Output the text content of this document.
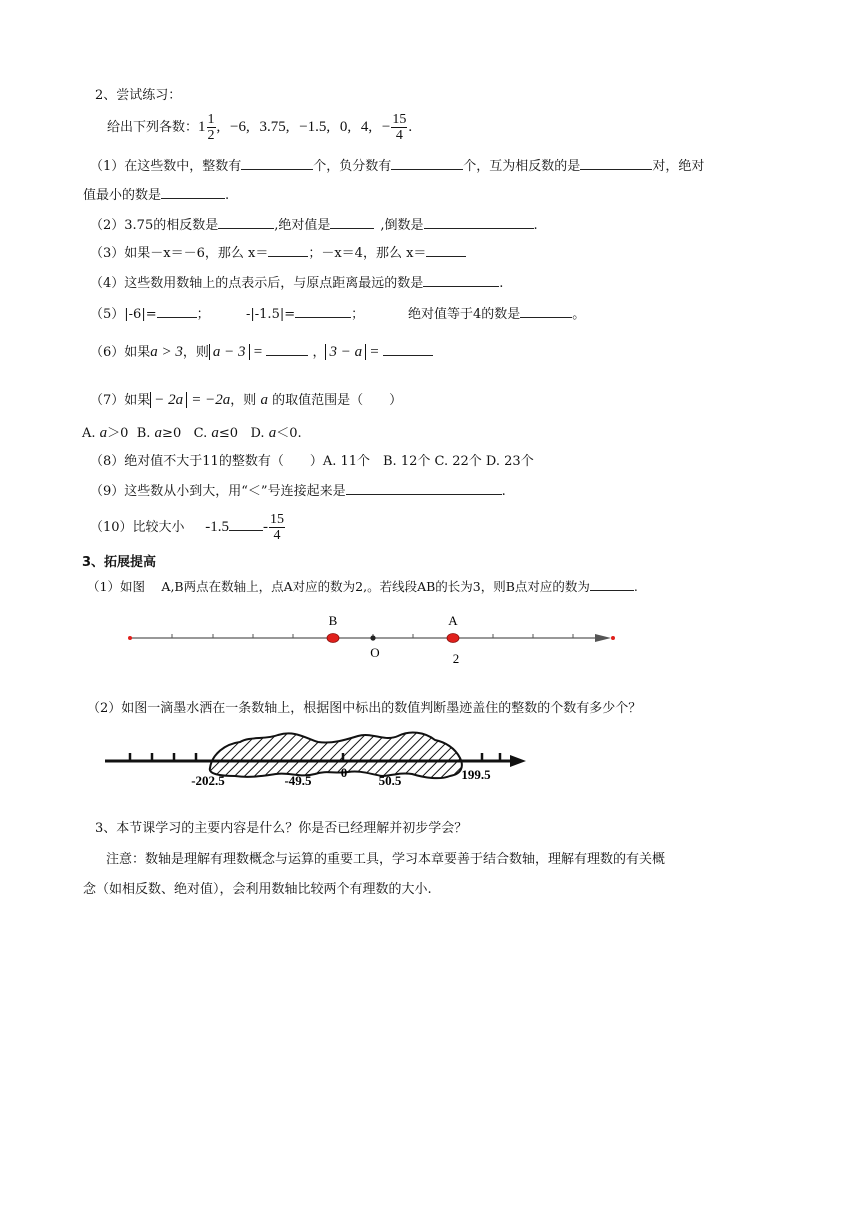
2、尝试练习：
给出下列各数：$1 \frac{1}{2}$ , −6, 3.75, −1.5, 0, 4, − $\frac{15}{4}$ .
（1）在这些数中，整数有	个，负分数有	个，互为相反数的是	对，绝对
值最小的数是	.
（2）3.75的相反数是	,绝对值是	,倒数是	.
（3）如果－x＝－6，那么 x＝	；－x＝4，那么 x＝
（4）这些数用数轴上的点表示后，与原点距离最远的数是	.
（5）|-6|=	；	-|-1.5|=	；	绝对值等于4的数是	。
（6）如果a > 3，则 a − 3 =	， 3 − a =
（7）如果 − 2a = −2a，则 a 的取值范围是（　　）
A. a＞0 B. a≥0 C. a≤0 D. a＜0.
（8）绝对值不大于11的整数有（　　）A. 11个　B. 12个 C. 22个 D. 23个
（9）这些数从小到大，用“＜”号连接起来是	.
（10）比较大小 $-1.5 - \frac{15}{4}$
3、拓展提高
（1）如图　 A,B两点在数轴上，点A对应的数为2,。若线段AB的长为3，则B点对应的数为	.
B	A
O	2
（2）如图一滴墨水洒在一条数轴上，根据图中标出的数值判断墨迹盖住的整数的个数有多少个？
-202.5	-49.5
0
50.5	199.5
3、本节课学习的主要内容是什么？你是否已经理解并初步学会？
注意：数轴是理解有理数概念与运算的重要工具，学习本章要善于结合数轴，理解有理数的有关概
念（如相反数、绝对值），会利用数轴比较两个有理数的大小.
